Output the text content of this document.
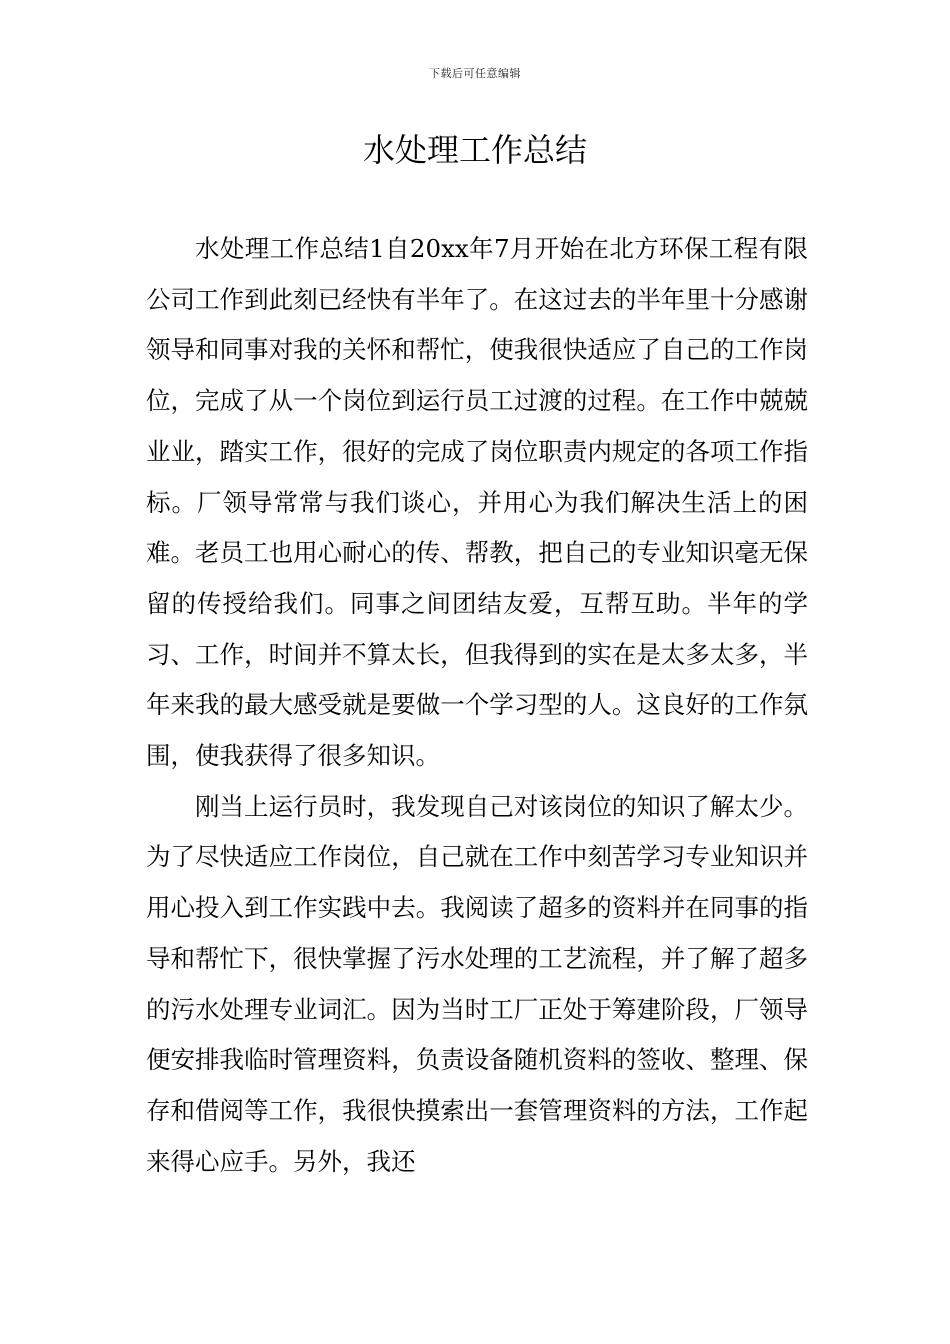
下载后可任意编辑
水处理工作总结

水处理工作总结1自20xx年7月开始在北方环保工程有限公司工作到此刻已经快有半年了。在这过去的半年里十分感谢领导和同事对我的关怀和帮忙，使我很快适应了自己的工作岗位，完成了从一个岗位到运行员工过渡的过程。在工作中兢兢业业，踏实工作，很好的完成了岗位职责内规定的各项工作指标。厂领导常常与我们谈心，并用心为我们解决生活上的困难。老员工也用心耐心的传、帮教，把自己的专业知识毫无保留的传授给我们。同事之间团结友爱，互帮互助。半年的学习、工作，时间并不算太长，但我得到的实在是太多太多，半年来我的最大感受就是要做一个学习型的人。这良好的工作氛围，使我获得了很多知识。

刚当上运行员时，我发现自己对该岗位的知识了解太少。为了尽快适应工作岗位，自己就在工作中刻苦学习专业知识并用心投入到工作实践中去。我阅读了超多的资料并在同事的指导和帮忙下，很快掌握了污水处理的工艺流程，并了解了超多的污水处理专业词汇。因为当时工厂正处于筹建阶段，厂领导便安排我临时管理资料，负责设备随机资料的签收、整理、保存和借阅等工作，我很快摸索出一套管理资料的方法，工作起来得心应手。另外，我还
